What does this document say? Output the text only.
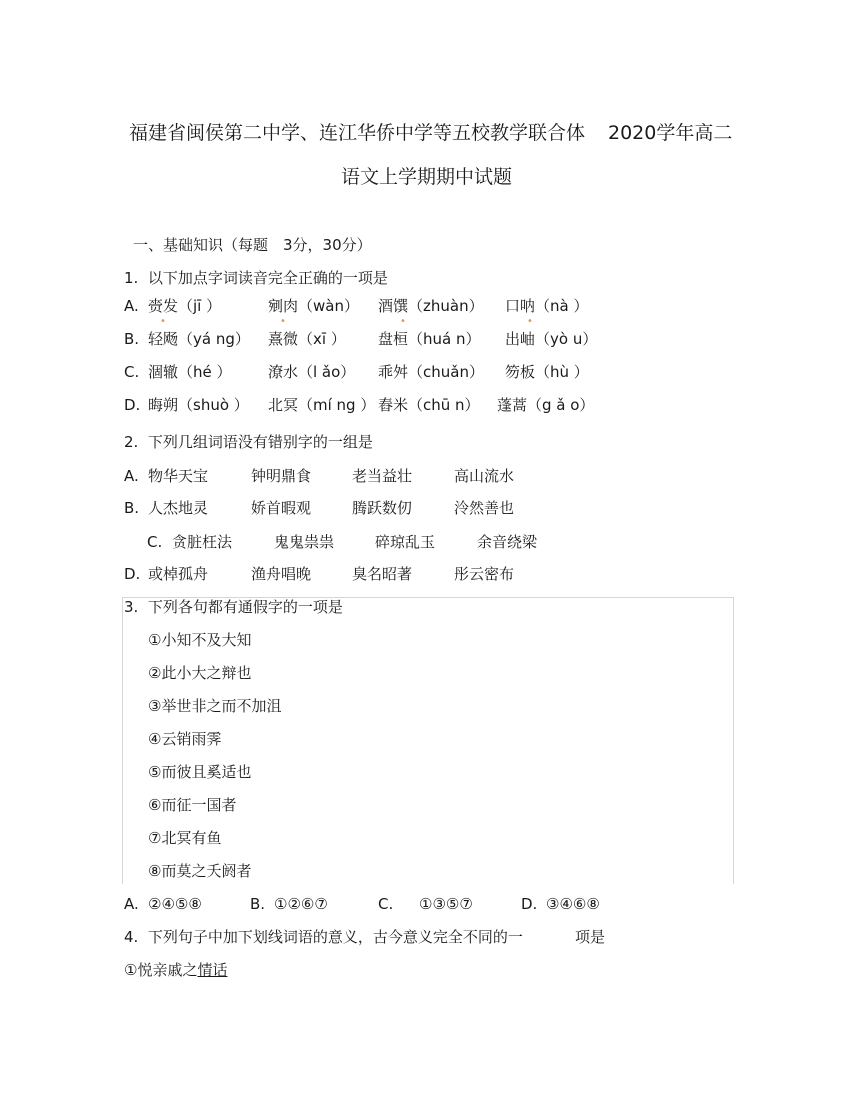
福建省闽侯第二中学、连江华侨中学等五校教学联合体 2020学年高二
语文上学期期中试题
一、基础知识（每题　3分，30分）
1.  以下加点字词读音完全正确的一项是
A. 赍发（jī ）	剜肉（wàn） 酒馔（zhuàn） 口呐（nà ）
B. 轻飏（yá ng） 熹微（xī ） 盘桓（huá n） 出岫（yò u）
C. 涸辙（hé ） 潦水（l ǎo） 乖舛（chuǎn） 笏板（hù ）
D. 晦朔（shuò ） 北冥（mí ng ） 舂米（chū n） 蓬蒿（g ǎ o）
•	•	•	•
2.  下列几组词语没有错别字的一组是
A. 物华天宝	钟明鼎食	老当益壮	高山流水
B. 人杰地灵	娇首暇观	腾跃数仞	泠然善也
C. 贪脏枉法	鬼鬼祟祟	碎琼乱玉	余音绕梁
D. 或棹孤舟	渔舟唱晚	臭名昭著	彤云密布
3.  下列各句都有通假字的一项是
①小知不及大知
②此小大之辩也
③举世非之而不加沮
④云销雨霁
⑤而彼且奚适也
⑥而征一国者
⑦北冥有鱼
⑧而莫之夭阏者
A. ②④⑤⑧	B. ①②⑥⑦	C. ①③⑤⑦	D. ③④⑥⑧
4.  下列句子中加下划线词语的意义，古今意义完全不同的一	项是
①悦亲戚之情话
